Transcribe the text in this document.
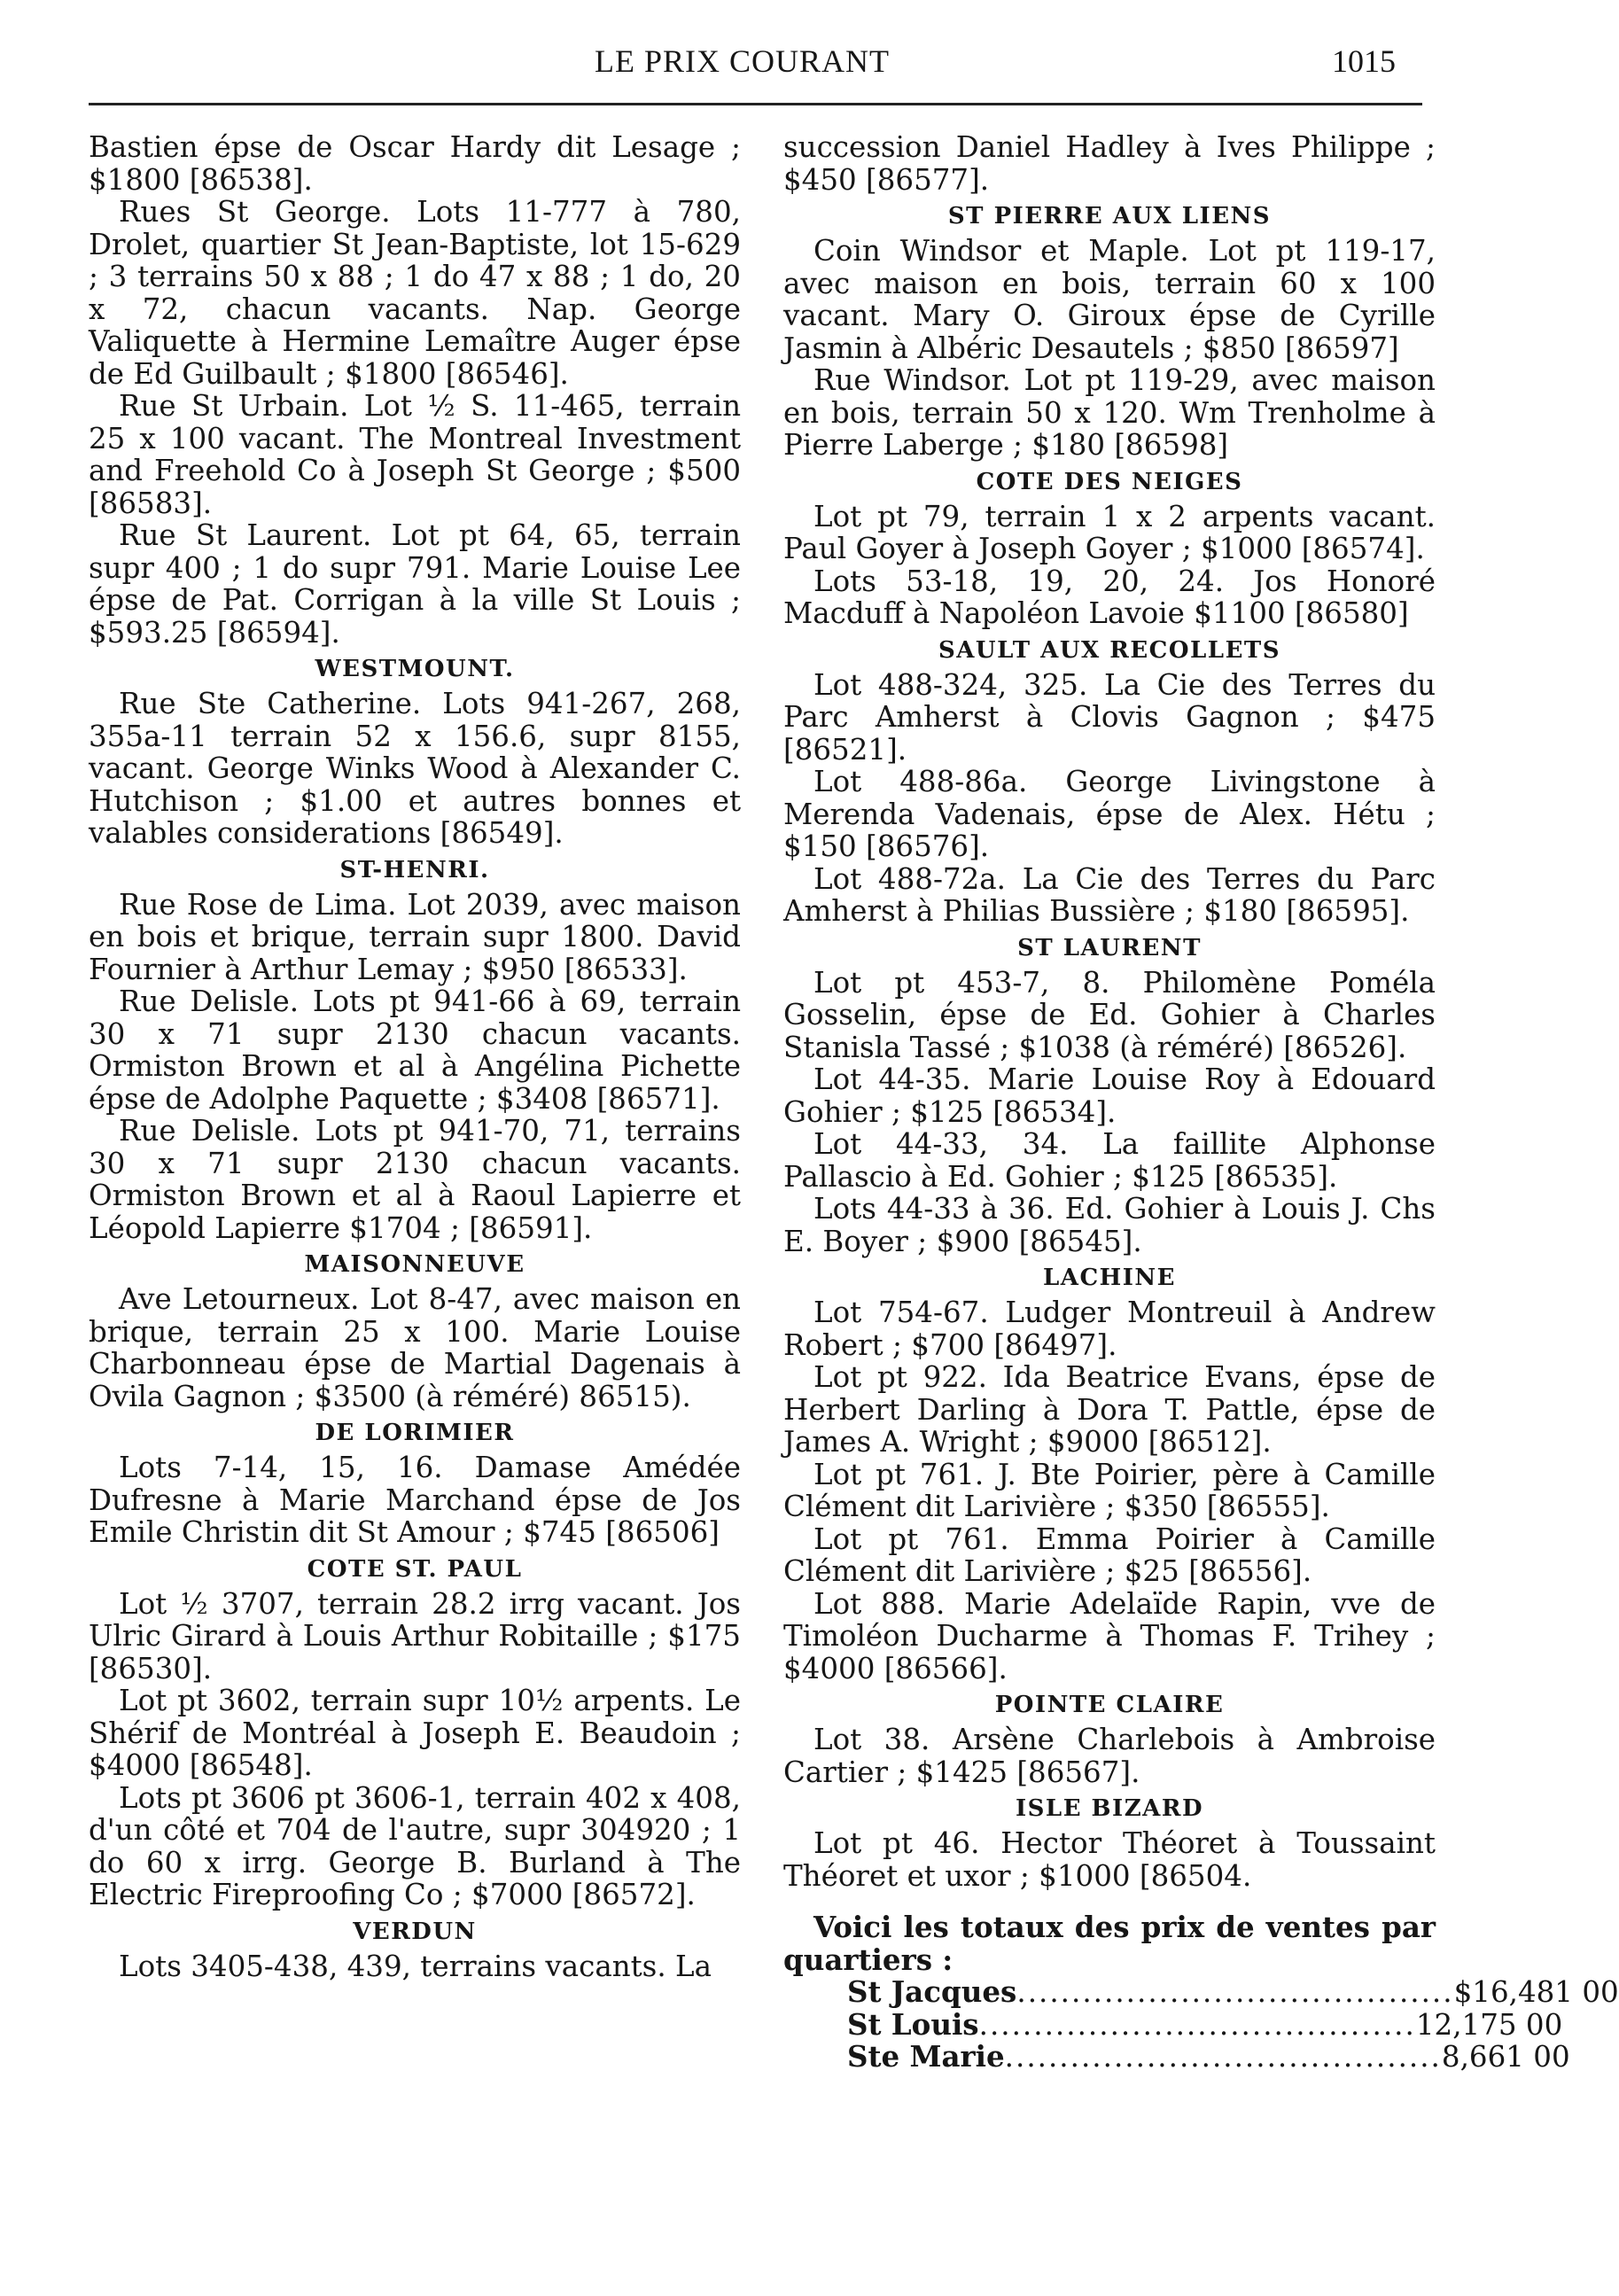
LE PRIX COURANT	1015

Bastien épse de Oscar Hardy dit Lesage ; $1800 [86538].

Rues St George. Lots 11-777 à 780, Drolet, quartier St Jean-Baptiste, lot 15-629 ; 3 terrains 50 x 88 ; 1 do 47 x 88 ; 1 do, 20 x 72, chacun vacants. Nap. George Valiquette à Hermine Lemaître Auger épse de Ed Guilbault ; $1800 [86546].

Rue St Urbain. Lot ½ S. 11-465, terrain 25 x 100 vacant. The Montreal Investment and Freehold Co à Joseph St George ; $500 [86583].

Rue St Laurent. Lot pt 64, 65, terrain supr 400 ; 1 do supr 791. Marie Louise Lee épse de Pat. Corrigan à la ville St Louis ; $593.25 [86594].

WESTMOUNT.

Rue Ste Catherine. Lots 941-267, 268, 355a-11 terrain 52 x 156.6, supr 8155, vacant. George Winks Wood à Alexander C. Hutchison ; $1.00 et autres bonnes et valables considerations [86549].

ST-HENRI.

Rue Rose de Lima. Lot 2039, avec maison en bois et brique, terrain supr 1800. David Fournier à Arthur Lemay ; $950 [86533].

Rue Delisle. Lots pt 941-66 à 69, terrain 30 x 71 supr 2130 chacun vacants. Ormiston Brown et al à Angélina Pichette épse de Adolphe Paquette ; $3408 [86571].

Rue Delisle. Lots pt 941-70, 71, terrains 30 x 71 supr 2130 chacun vacants. Ormiston Brown et al à Raoul Lapierre et Léopold Lapierre $1704 ; [86591].

MAISONNEUVE

Ave Letourneux. Lot 8-47, avec maison en brique, terrain 25 x 100. Marie Louise Charbonneau épse de Martial Dagenais à Ovila Gagnon ; $3500 (à réméré) 86515).

DE LORIMIER

Lots 7-14, 15, 16. Damase Amédée Dufresne à Marie Marchand épse de Jos Emile Christin dit St Amour ; $745 [86506]

COTE ST. PAUL

Lot ½ 3707, terrain 28.2 irrg vacant. Jos Ulric Girard à Louis Arthur Robitaille ; $175 [86530].

Lot pt 3602, terrain supr 10½ arpents. Le Shérif de Montréal à Joseph E. Beaudoin ; $4000 [86548].

Lots pt 3606 pt 3606-1, terrain 402 x 408, d'un côté et 704 de l'autre, supr 304920 ; 1 do 60 x irrg. George B. Burland à The Electric Fireproofing Co ; $7000 [86572].

VERDUN

Lots 3405-438, 439, terrains vacants. La

succession Daniel Hadley à Ives Philippe ; $450 [86577].

ST PIERRE AUX LIENS

Coin Windsor et Maple. Lot pt 119-17, avec maison en bois, terrain 60 x 100 vacant. Mary O. Giroux épse de Cyrille Jasmin à Albéric Desautels ; $850 [86597]

Rue Windsor. Lot pt 119-29, avec maison en bois, terrain 50 x 120. Wm Trenholme à Pierre Laberge ; $180 [86598]

COTE DES NEIGES

Lot pt 79, terrain 1 x 2 arpents vacant. Paul Goyer à Joseph Goyer ; $1000 [86574].

Lots 53-18, 19, 20, 24. Jos Honoré Macduff à Napoléon Lavoie $1100 [86580]

SAULT AUX RECOLLETS

Lot 488-324, 325. La Cie des Terres du Parc Amherst à Clovis Gagnon ; $475 [86521].

Lot 488-86a. George Livingstone à Merenda Vadenais, épse de Alex. Hétu ; $150 [86576].

Lot 488-72a. La Cie des Terres du Parc Amherst à Philias Bussière ; $180 [86595].

ST LAURENT

Lot pt 453-7, 8. Philomène Poméla Gosselin, épse de Ed. Gohier à Charles Stanisla Tassé ; $1038 (à réméré) [86526].

Lot 44-35. Marie Louise Roy à Edouard Gohier ; $125 [86534].

Lot 44-33, 34. La faillite Alphonse Pallascio à Ed. Gohier ; $125 [86535].

Lots 44-33 à 36. Ed. Gohier à Louis J. Chs E. Boyer ; $900 [86545].

LACHINE

Lot 754-67. Ludger Montreuil à Andrew Robert ; $700 [86497].

Lot pt 922. Ida Beatrice Evans, épse de Herbert Darling à Dora T. Pattle, épse de James A. Wright ; $9000 [86512].

Lot pt 761. J. Bte Poirier, père à Camille Clément dit Larivière ; $350 [86555].

Lot pt 761. Emma Poirier à Camille Clément dit Larivière ; $25 [86556].

Lot 888. Marie Adelaïde Rapin, vve de Timoléon Ducharme à Thomas F. Trihey ; $4000 [86566].

POINTE CLAIRE

Lot 38. Arsène Charlebois à Ambroise Cartier ; $1425 [86567].

ISLE BIZARD

Lot pt 46. Hector Théoret à Toussaint Théoret et uxor ; $1000 [86504.

Voici les totaux des prix de ventes par quartiers :

St Jacques ........................................ $16,481 00
St Louis ........................................ 12,175 00
Ste Marie ........................................ 8,661 00
